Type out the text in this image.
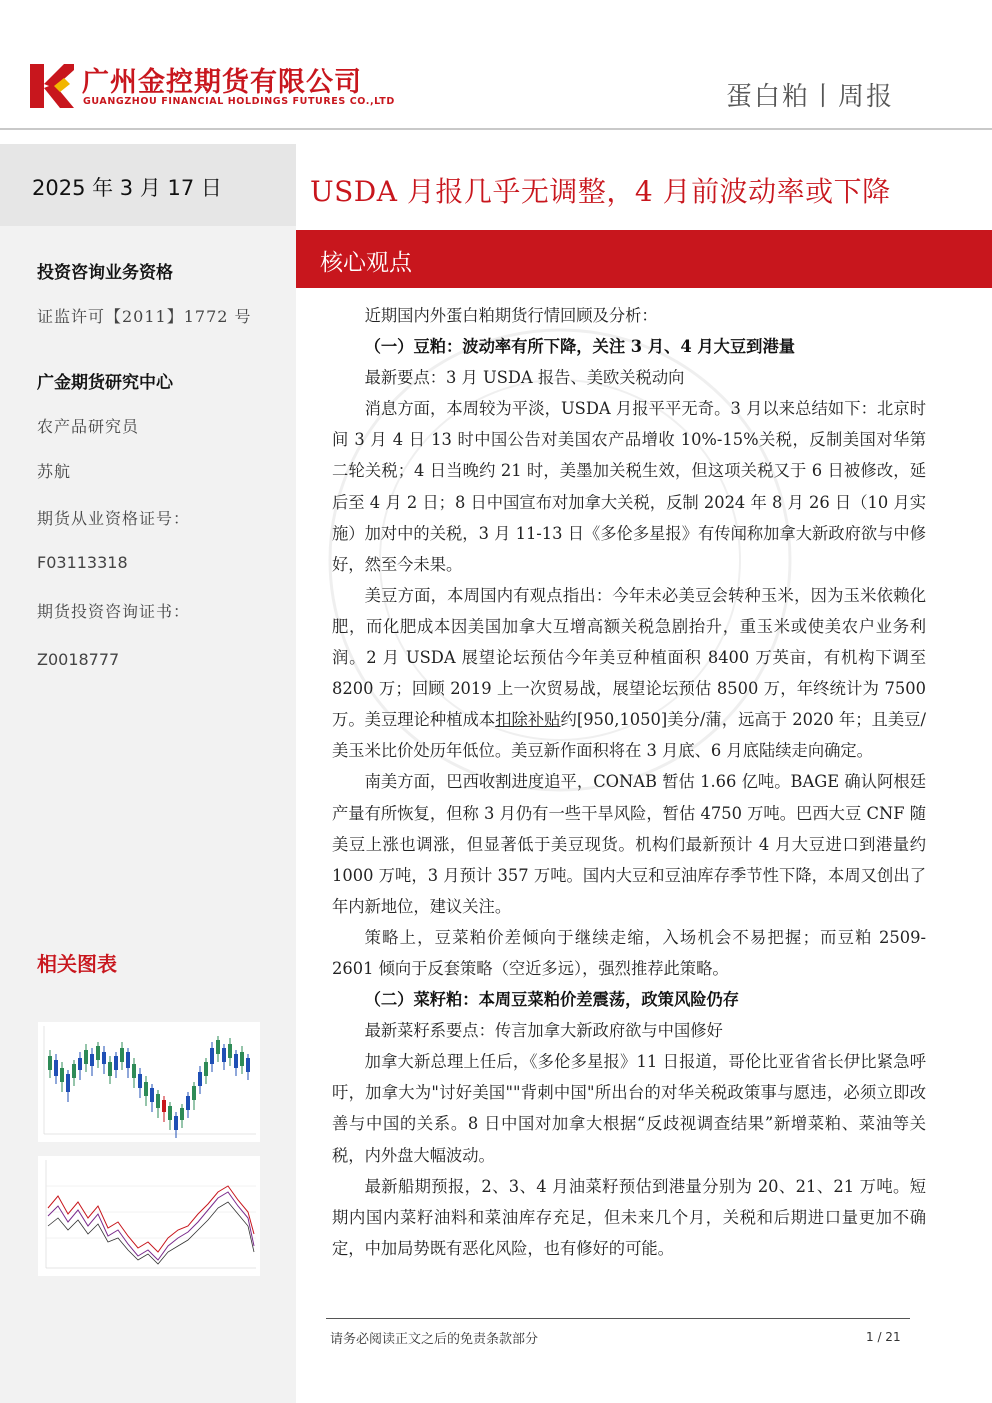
广州金控期货有限公司
GUANGZHOU FINANCIAL HOLDINGS FUTURES CO.,LTD	蛋白粕丨周报
2025 年 3 月 17 日
投资咨询业务资格
证监许可【2011】1772 号
广金期货研究中心
农产品研究员
苏航
期货从业资格证号：
F03113318
期货投资咨询证书：
Z0018777
相关图表
USDA 月报几乎无调整，4 月前波动率或下降
核心观点

近期国内外蛋白粕期货行情回顾及分析：

（一）豆粕：波动率有所下降，关注 3 月、4 月大豆到港量

最新要点：3 月 USDA 报告、美欧关税动向

消息方面，本周较为平淡，USDA 月报平平无奇。3 月以来总结如下：北京时间 3 月 4 日 13 时中国公告对美国农产品增收 10%-15%关税，反制美国对华第二轮关税；4 日当晚约 21 时，美墨加关税生效，但这项关税又于 6 日被修改，延后至 4 月 2 日；8 日中国宣布对加拿大关税，反制 2024 年 8 月 26 日（10 月实施）加对中的关税，3 月 11-13 日《多伦多星报》有传闻称加拿大新政府欲与中修好，然至今未果。

美豆方面，本周国内有观点指出：今年未必美豆会转种玉米，因为玉米依赖化肥，而化肥成本因美国加拿大互增高额关税急剧抬升，重玉米或使美农户业务利润。2 月 USDA 展望论坛预估今年美豆种植面积 8400 万英亩，有机构下调至 8200 万；回顾 2019 上一次贸易战，展望论坛预估 8500 万，年终统计为 7500 万。美豆理论种植成本扣除补贴约[950,1050]美分/蒲，远高于 2020 年；且美豆/美玉米比价处历年低位。美豆新作面积将在 3 月底、6 月底陆续走向确定。

南美方面，巴西收割进度追平，CONAB 暂估 1.66 亿吨。BAGE 确认阿根廷产量有所恢复，但称 3 月仍有一些干旱风险，暂估 4750 万吨。巴西大豆 CNF 随美豆上涨也调涨，但显著低于美豆现货。机构们最新预计 4 月大豆进口到港量约 1000 万吨，3 月预计 357 万吨。国内大豆和豆油库存季节性下降，本周又创出了年内新地位，建议关注。

策略上，豆菜粕价差倾向于继续走缩，入场机会不易把握；而豆粕 2509-2601 倾向于反套策略（空近多远），强烈推荐此策略。

（二）菜籽粕：本周豆菜粕价差震荡，政策风险仍存

最新菜籽系要点：传言加拿大新政府欲与中国修好

加拿大新总理上任后，《多伦多星报》11 日报道，哥伦比亚省省长伊比紧急呼吁，加拿大为"讨好美国""背刺中国"所出台的对华关税政策事与愿违，必须立即改善与中国的关系。8 日中国对加拿大根据“反歧视调查结果”新增菜粕、菜油等关税，内外盘大幅波动。

最新船期预报，2、3、4 月油菜籽预估到港量分别为 20、21、21 万吨。短期内国内菜籽油料和菜油库存充足，但未来几个月，关税和后期进口量更加不确定，中加局势既有恶化风险，也有修好的可能。

请务必阅读正文之后的免责条款部分	1 / 21
